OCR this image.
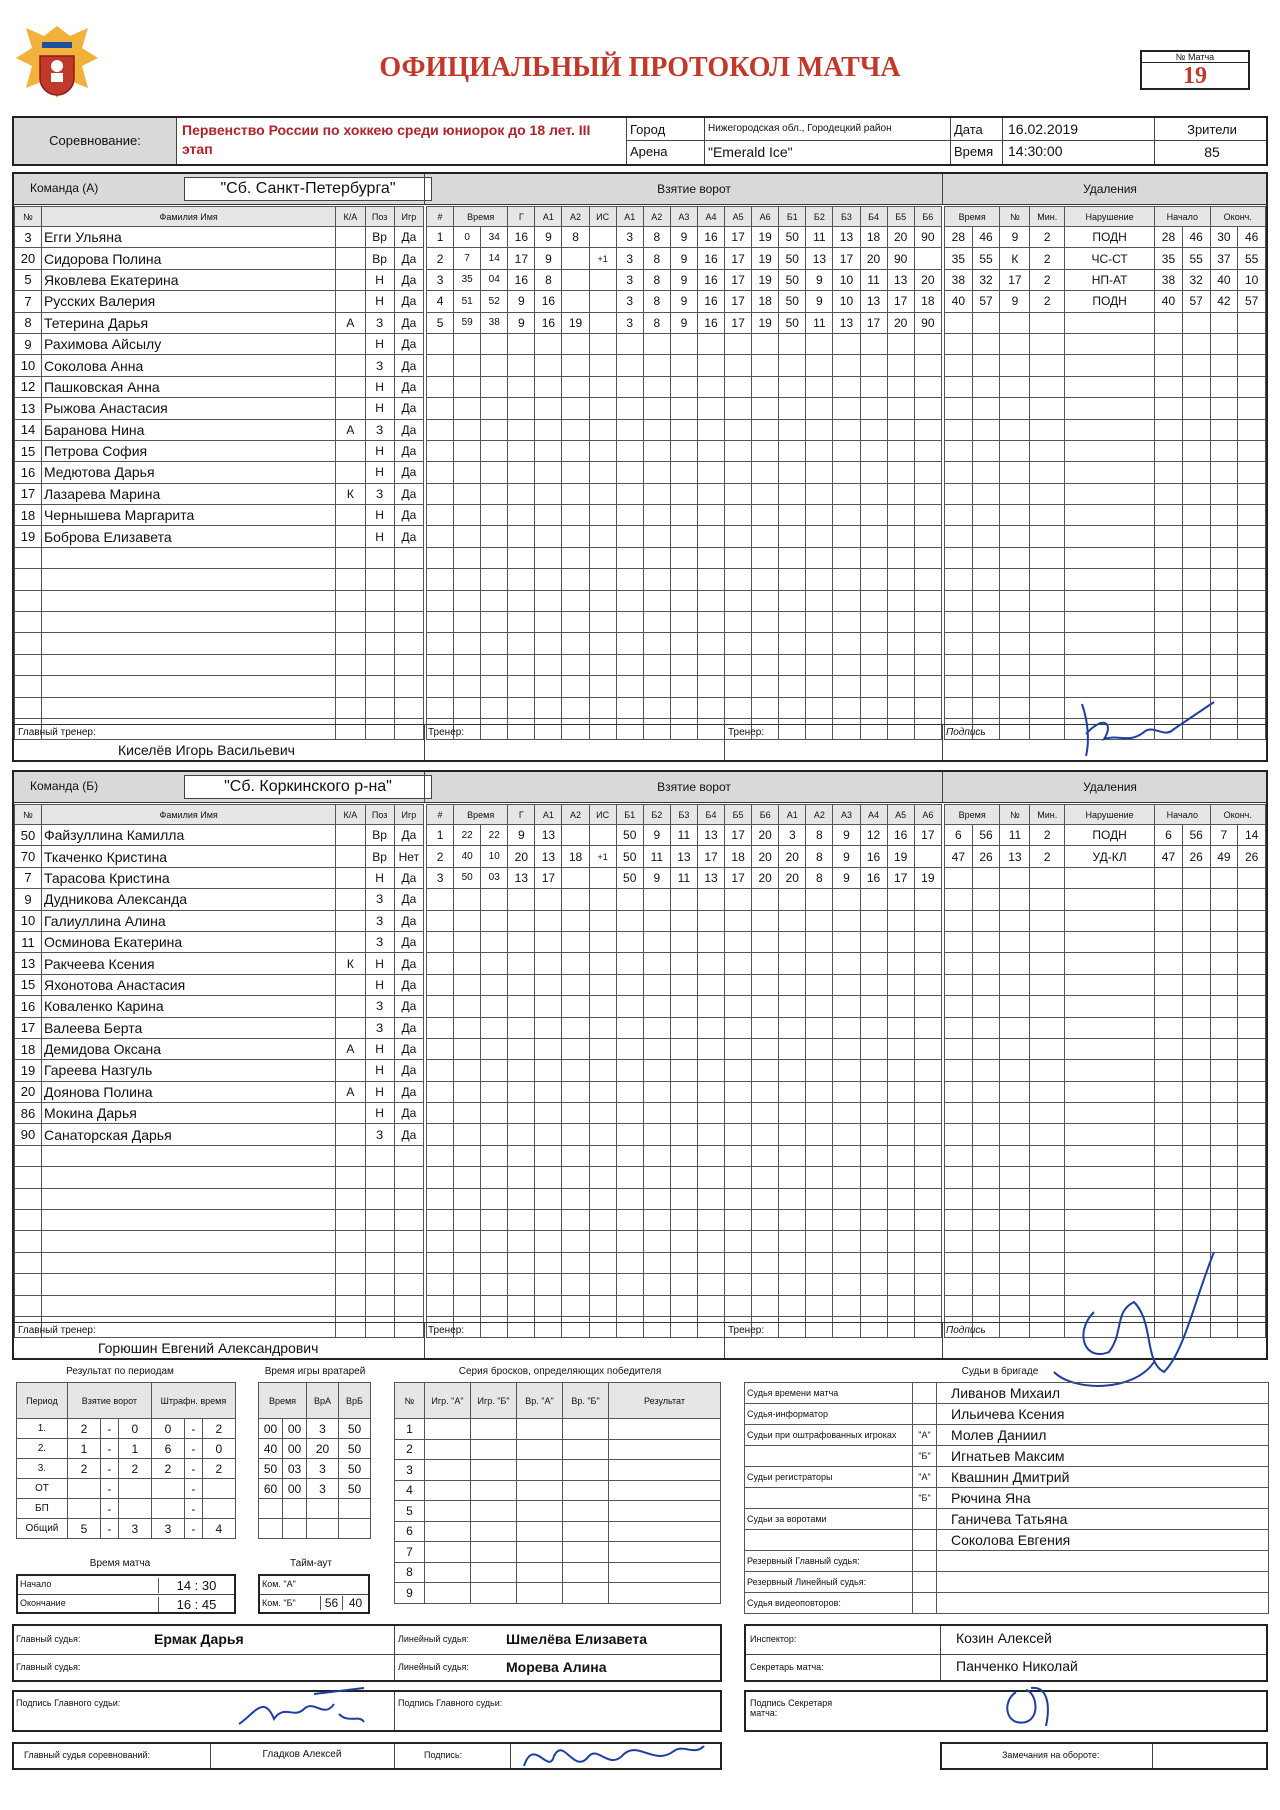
ОФИЦИАЛЬНЫЙ ПРОТОКОЛ МАТЧА	№ Матча
19
Соревнование:
Первенство России по хоккею среди юниорок до 18 лет. III этап
Город
Арена
Нижегородская обл., Городецкий район
"Emerald Ice"
Дата
Время
16.02.2019
14:30:00
Зрители
85
Команда (А)	"Сб. Санкт-Петербурга"	Взятие ворот	Удаления
№	Фамилия Имя	К/А	Поз	Игр
3	Егги Ульяна		Вр	Да
20	Сидорова Полина		Вр	Да
5	Яковлева Екатерина		Н	Да
7	Русских Валерия		Н	Да
8	Тетерина Дарья	А	З	Да
9	Рахимова Айсылу		Н	Да
10	Соколова Анна		З	Да
12	Пашковская Анна		Н	Да
13	Рыжова Анастасия		Н	Да
14	Баранова Нина	А	З	Да
15	Петрова София		Н	Да
16	Медютова Дарья		Н	Да
17	Лазарева Марина	К	З	Да
18	Чернышева Маргарита		Н	Да
19	Боброва Елизавета		Н	Да

#	Время		Г	А1	А2	ИС	A1	A2	A3	A4	A5	A6	Б1	Б2	Б3	Б4	Б5	Б6
1	0	34	16	9	8		3	8	9	16	17	19	50	11	13	18	20	90
2	7	14	17	9		+1	3	8	9	16	17	19	50	13	17	20	90	
3	35	04	16	8			3	8	9	16	17	19	50	9	10	11	13	20
4	51	52	9	16			3	8	9	16	17	18	50	9	10	13	17	18
5	59	38	9	16	19		3	8	9	16	17	19	50	11	13	17	20	90

Время		№	Мин.	Нарушение	Начало		Оконч.	
28	46	9	2	ПОДН	28	46	30	46
35	55	К	2	ЧС-СТ	35	55	37	55
38	32	17	2	НП-АТ	38	32	40	10
40	57	9	2	ПОДН	40	57	42	57

Главный тренер:
Киселёв Игорь Васильевич
Тренер:	Тренер:	Подпись
Команда (Б)	"Сб. Коркинского р-на"	Взятие ворот	Удаления
№	Фамилия Имя	К/А	Поз	Игр
50	Файзуллина Камилла		Вр	Да
70	Ткаченко Кристина		Вр	Нет
7	Тарасова Кристина		Н	Да
9	Дудникова Александа		З	Да
10	Галиуллина Алина		З	Да
11	Осминова Екатерина		З	Да
13	Ракчеева Ксения	К	Н	Да
15	Яхонотова Анастасия		Н	Да
16	Коваленко Карина		З	Да
17	Валеева Берта		З	Да
18	Демидова Оксана	А	Н	Да
19	Гареева Назгуль		Н	Да
20	Доянова Полина	А	Н	Да
86	Мокина Дарья		Н	Да
90	Санаторская Дарья		З	Да

#	Время		Г	А1	А2	ИС	Б1	Б2	Б3	Б4	Б5	Б6	А1	А2	А3	А4	А5	А6
1	22	22	9	13			50	9	11	13	17	20	3	8	9	12	16	17
2	40	10	20	13	18	+1	50	11	13	17	18	20	20	8	9	16	19	
3	50	03	13	17			50	9	11	13	17	20	20	8	9	16	17	19

Время		№	Мин.	Нарушение	Начало		Оконч.	
6	56	11	2	ПОДН	6	56	7	14
47	26	13	2	УД-КЛ	47	26	49	26

Главный тренер:
Горюшин Евгений Александрович
Тренер:	Тренер:	Подпись
Результат по периодам
Период	Взятие ворот			Штрафн. время		
1.	2	-	0	0	-	2
2.	1	-	1	6	-	0
3.	2	-	2	2	-	2
ОТ		-			-	
БП		-			-	
Общий	5	-	3	3	-	4
Время игры вратарей
Время		ВрА	ВрБ
00	00	3	50
40	00	20	50
50	03	3	50
60	00	3	50

Время матча
Начало	14 : 30
Окончание	16 : 45
Тайм-аут
Ком. "А"
Ком. "Б"	56 40
Серия бросков, определяющих победителя
№	Игр. "А"	Игр. "Б"	Вр. "А"	Вр. "Б"	Результат
1					
2					
3					
4					
5					
6					
7					
8					
9					
Судьи в бригаде
Судья времени матча		Ливанов Михаил
Судья-информатор		Ильичева Ксения
Судьи при оштрафованных игроках	"А"	Молев Даниил
	"Б"	Игнатьев Максим
Судьи регистраторы	"А"	Квашнин Дмитрий
	"Б"	Рючина Яна
Судьи за воротами		Ганичева Татьяна
		Соколова Евгения
Резервный Главный судья:		
Резервный Линейный судья:		
Судья видеоповторов:		
Главный судья:	Ермак Дарья
Главный судья:
Линейный судья:	Шмелёва Елизавета
Линейный судья:	Морева Алина
Инспектор:	Козин Алексей
Секретарь матча:	Панченко Николай
Подпись Главного судьи:	Подпись Главного судьи:	Подпись Секретаря матча:
Главный судья соревнований:	Гладков Алексей	Подпись:	Замечания на обороте:
